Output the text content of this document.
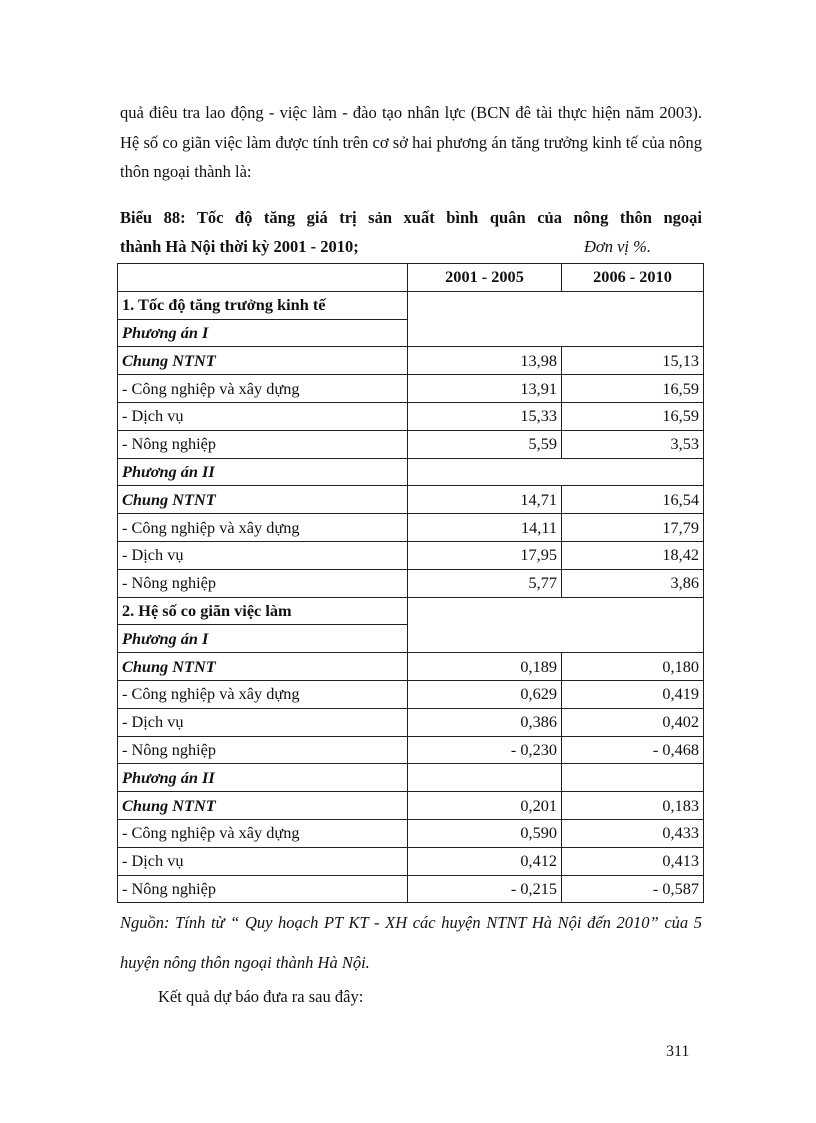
quả điêu tra lao động - việc làm - đào tạo nhân lực (BCN đê tài thực hiện năm 2003). Hệ số co giãn việc làm được tính trên cơ sở hai phương án tăng trưởng kinh tế của nông thôn ngoại thành là:

Biểu 88: Tốc độ tăng giá trị sản xuất bình quân của nông thôn ngoại
thành Hà Nội thời kỳ 2001 - 2010;	Đơn vị %.
	2001 - 2005	2006 - 2010
1. Tốc độ tăng trưởng kinh tế		
Phương án I		
Chung NTNT	13,98	15,13
- Công nghiệp và xây dựng	13,91	16,59
- Dịch vụ	15,33	16,59
- Nông nghiệp	5,59	3,53
Phương án II		
Chung NTNT	14,71	16,54
- Công nghiệp và xây dựng	14,11	17,79
- Dịch vụ	17,95	18,42
- Nông nghiệp	5,77	3,86
2. Hệ số co giãn việc làm		
Phương án I		
Chung NTNT	0,189	0,180
- Công nghiệp và xây dựng	0,629	0,419
- Dịch vụ	0,386	0,402
- Nông nghiệp	- 0,230	- 0,468
Phương án II		
Chung NTNT	0,201	0,183
- Công nghiệp và xây dựng	0,590	0,433
- Dịch vụ	0,412	0,413
- Nông nghiệp	- 0,215	- 0,587

Nguồn: Tính từ “ Quy hoạch PT KT - XH các huyện NTNT Hà Nội đến 2010” của 5 huyện nông thôn ngoại thành Hà Nội.

Kết quả dự báo đưa ra sau đây:

311
